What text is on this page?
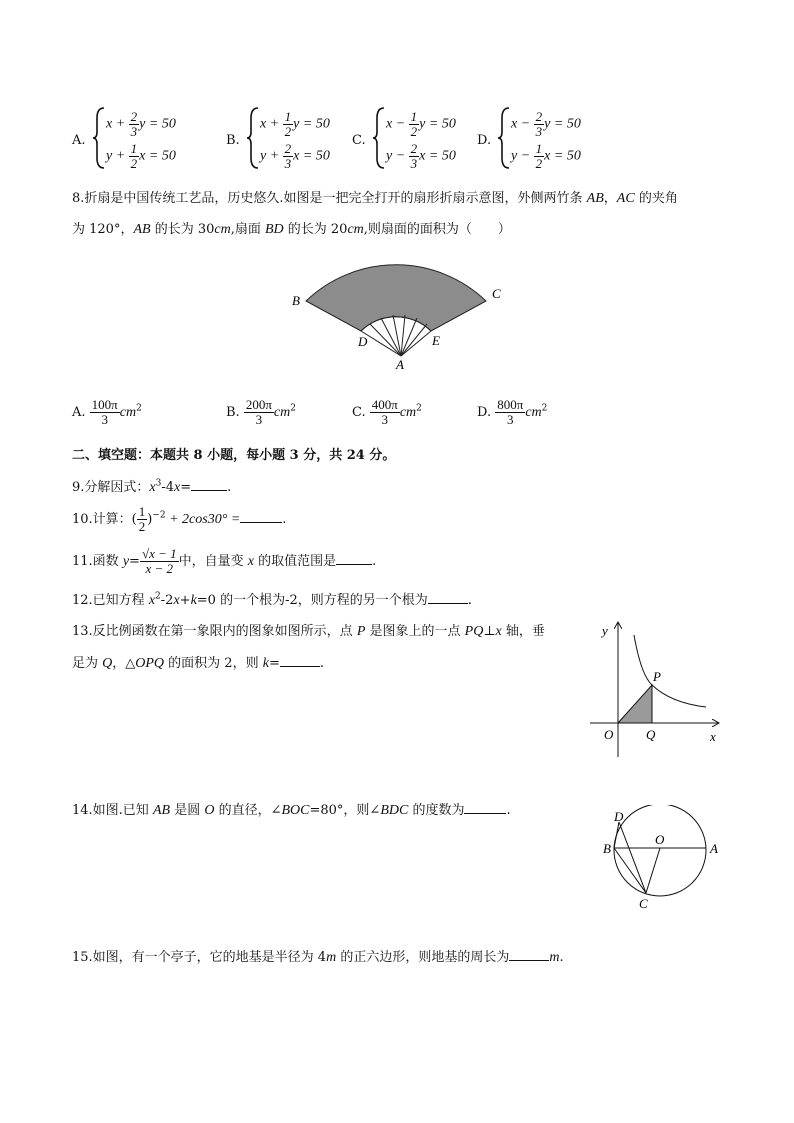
A.
$x + \frac{2}{3}$ y = 50
$y + \frac{1}{2}$ x = 50
B.
$x + \frac{1}{2}$ y = 50
$y + \frac{2}{3}$ x = 50
C.
$x - \frac{1}{2}$ y = 50
$y - \frac{2}{3}$ x = 50
D.
$x - \frac{2}{3}$ y = 50
$y - \frac{1}{2}$ x = 50
8.折扇是中国传统工艺品，历史悠久.如图是一把完全打开的扇形折扇示意图，外侧两竹条 AB，AC 的夹角
为 120°，AB 的长为 30cm,扇面 BD 的长为 20cm,则扇面的面积为（　　）
B	C
D	E
A
A. $\frac{100\pi}{3} cm^2$	B. $\frac{200\pi}{3} cm^2$	C. $\frac{400\pi}{3} cm^2$	D. $\frac{800\pi}{3} cm^2$
二、填空题：本题共 8 小题，每小题 3 分，共 24 分。
9.分解因式：$x^3-4x=$	.
10.计算：( $\frac{1}{2} )^{-2} + 2\cos 30^\circ$ =	.
11.函数 $y= \frac{√x - 1}{x - 2}$ 中，自量变 x 的取值范围是	.
12.已知方程 $x^2-2x+k=0$ 的一个根为-2，则方程的另一个根为	.
13.反比例函数在第一象限内的图象如图所示，点 P 是图象上的一点 PQ⊥x 轴，垂
足为 Q，△OPQ 的面积为 2，则 k=	.
y
x
O
P
Q
14.如图.已知 AB 是圆 O 的直径，∠BOC=80°，则∠BDC 的度数为	.	D
O
B	A
C
15.如图，有一个亭子，它的地基是半径为 4m 的正六边形，则地基的周长为	m.
